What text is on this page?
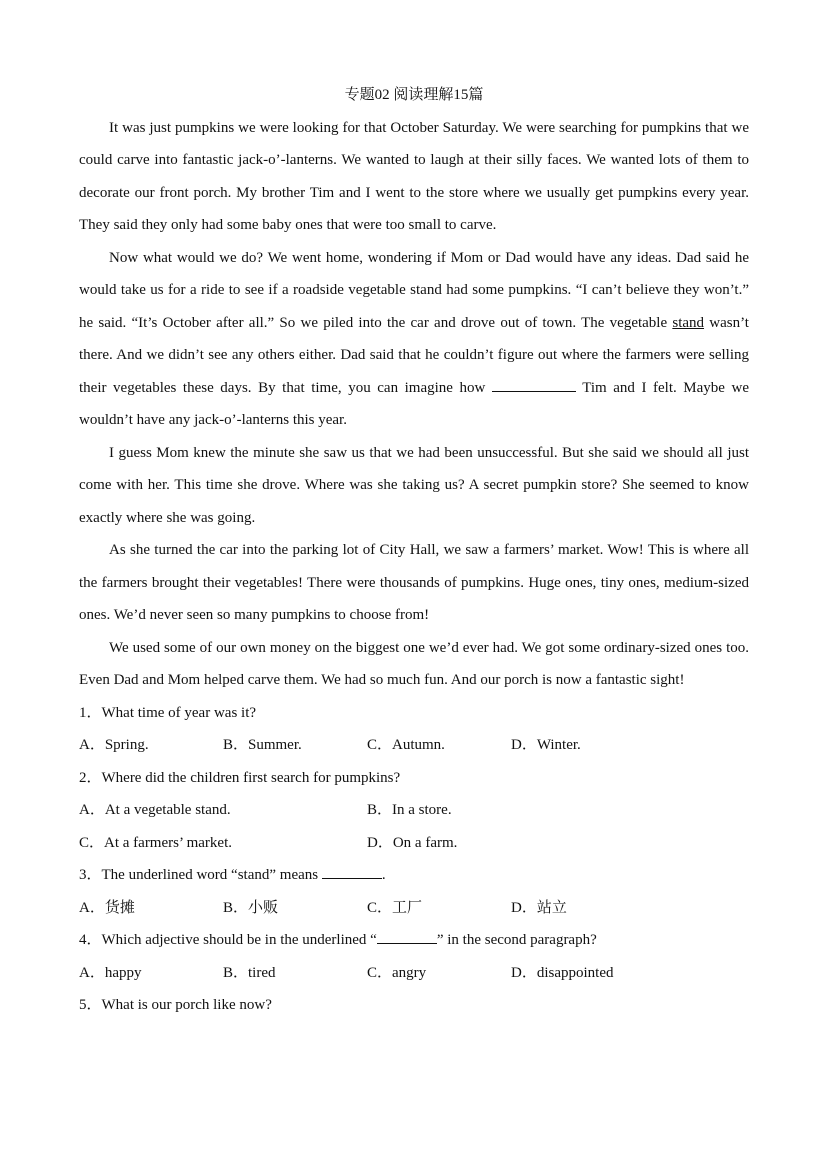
专题02 阅读理解15篇

It was just pumpkins we were looking for that October Saturday. We were searching for pumpkins that we could carve into fantastic jack-o’-lanterns. We wanted to laugh at their silly faces. We wanted lots of them to decorate our front porch. My brother Tim and I went to the store where we usually get pumpkins every year. They said they only had some baby ones that were too small to carve.

Now what would we do? We went home, wondering if Mom or Dad would have any ideas. Dad said he would take us for a ride to see if a roadside vegetable stand had some pumpkins. “I can’t believe they won’t.” he said. “It’s October after all.” So we piled into the car and drove out of town. The vegetable stand wasn’t there. And we didn’t see any others either. Dad said that he couldn’t figure out where the farmers were selling their vegetables these days. By that time, you can imagine how	Tim and I felt. Maybe we wouldn’t have any jack-o’-lanterns this year.

I guess Mom knew the minute she saw us that we had been unsuccessful. But she said we should all just come with her. This time she drove. Where was she taking us? A secret pumpkin store? She seemed to know exactly where she was going.

As she turned the car into the parking lot of City Hall, we saw a farmers’ market. Wow! This is where all the farmers brought their vegetables! There were thousands of pumpkins. Huge ones, tiny ones, medium-sized ones. We’d never seen so many pumpkins to choose from!

We used some of our own money on the biggest one we’d ever had. We got some ordinary-sized ones too. Even Dad and Mom helped carve them. We had so much fun. And our porch is now a fantastic sight!

1．What time of year was it?
A．Spring.	B．Summer.	C．Autumn.	D．Winter.
2．Where did the children first search for pumpkins?
A．At a vegetable stand.	B．In a store.
C．At a farmers’ market.	D．On a farm.
3．The underlined word “stand” means	.
A．货摊	B．小贩	C．工厂	D．站立
4．Which adjective should be in the underlined “	” in the second paragraph?
A．happy	B．tired	C．angry	D．disappointed
5．What is our porch like now?
